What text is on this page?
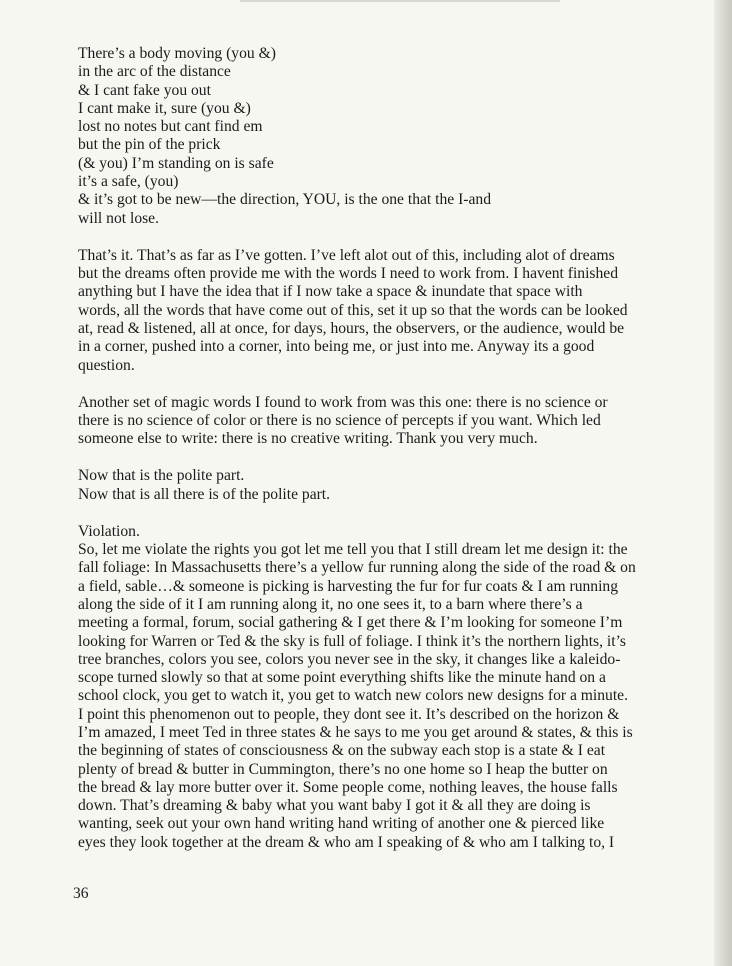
There’s a body moving (you &)
in the arc of the distance
& I cant fake you out
I cant make it, sure (you &)
lost no notes but cant find em
but the pin of the prick
(& you) I’m standing on is safe
it’s a safe, (you)
& it’s got to be new—the direction, YOU, is the one that the I-and
will not lose.
That’s it. That’s as far as I’ve gotten. I’ve left alot out of this, including alot of dreams
but the dreams often provide me with the words I need to work from. I havent finished
anything but I have the idea that if I now take a space & inundate that space with
words, all the words that have come out of this, set it up so that the words can be looked
at, read & listened, all at once, for days, hours, the observers, or the audience, would be
in a corner, pushed into a corner, into being me, or just into me. Anyway its a good
question.
Another set of magic words I found to work from was this one: there is no science or
there is no science of color or there is no science of percepts if you want. Which led
someone else to write: there is no creative writing. Thank you very much.
Now that is the polite part.
Now that is all there is of the polite part.
Violation.
So, let me violate the rights you got let me tell you that I still dream let me design it: the
fall foliage: In Massachusetts there’s a yellow fur running along the side of the road & on
a field, sable…& someone is picking is harvesting the fur for fur coats & I am running
along the side of it I am running along it, no one sees it, to a barn where there’s a
meeting a formal, forum, social gathering & I get there & I’m looking for someone I’m
looking for Warren or Ted & the sky is full of foliage. I think it’s the northern lights, it’s
tree branches, colors you see, colors you never see in the sky, it changes like a kaleido-
scope turned slowly so that at some point everything shifts like the minute hand on a
school clock, you get to watch it, you get to watch new colors new designs for a minute.
I point this phenomenon out to people, they dont see it. It’s described on the horizon &
I’m amazed, I meet Ted in three states & he says to me you get around & states, & this is
the beginning of states of consciousness & on the subway each stop is a state & I eat
plenty of bread & butter in Cummington, there’s no one home so I heap the butter on
the bread & lay more butter over it. Some people come, nothing leaves, the house falls
down. That’s dreaming & baby what you want baby I got it & all they are doing is
wanting, seek out your own hand writing hand writing of another one & pierced like
eyes they look together at the dream & who am I speaking of & who am I talking to, I
36
